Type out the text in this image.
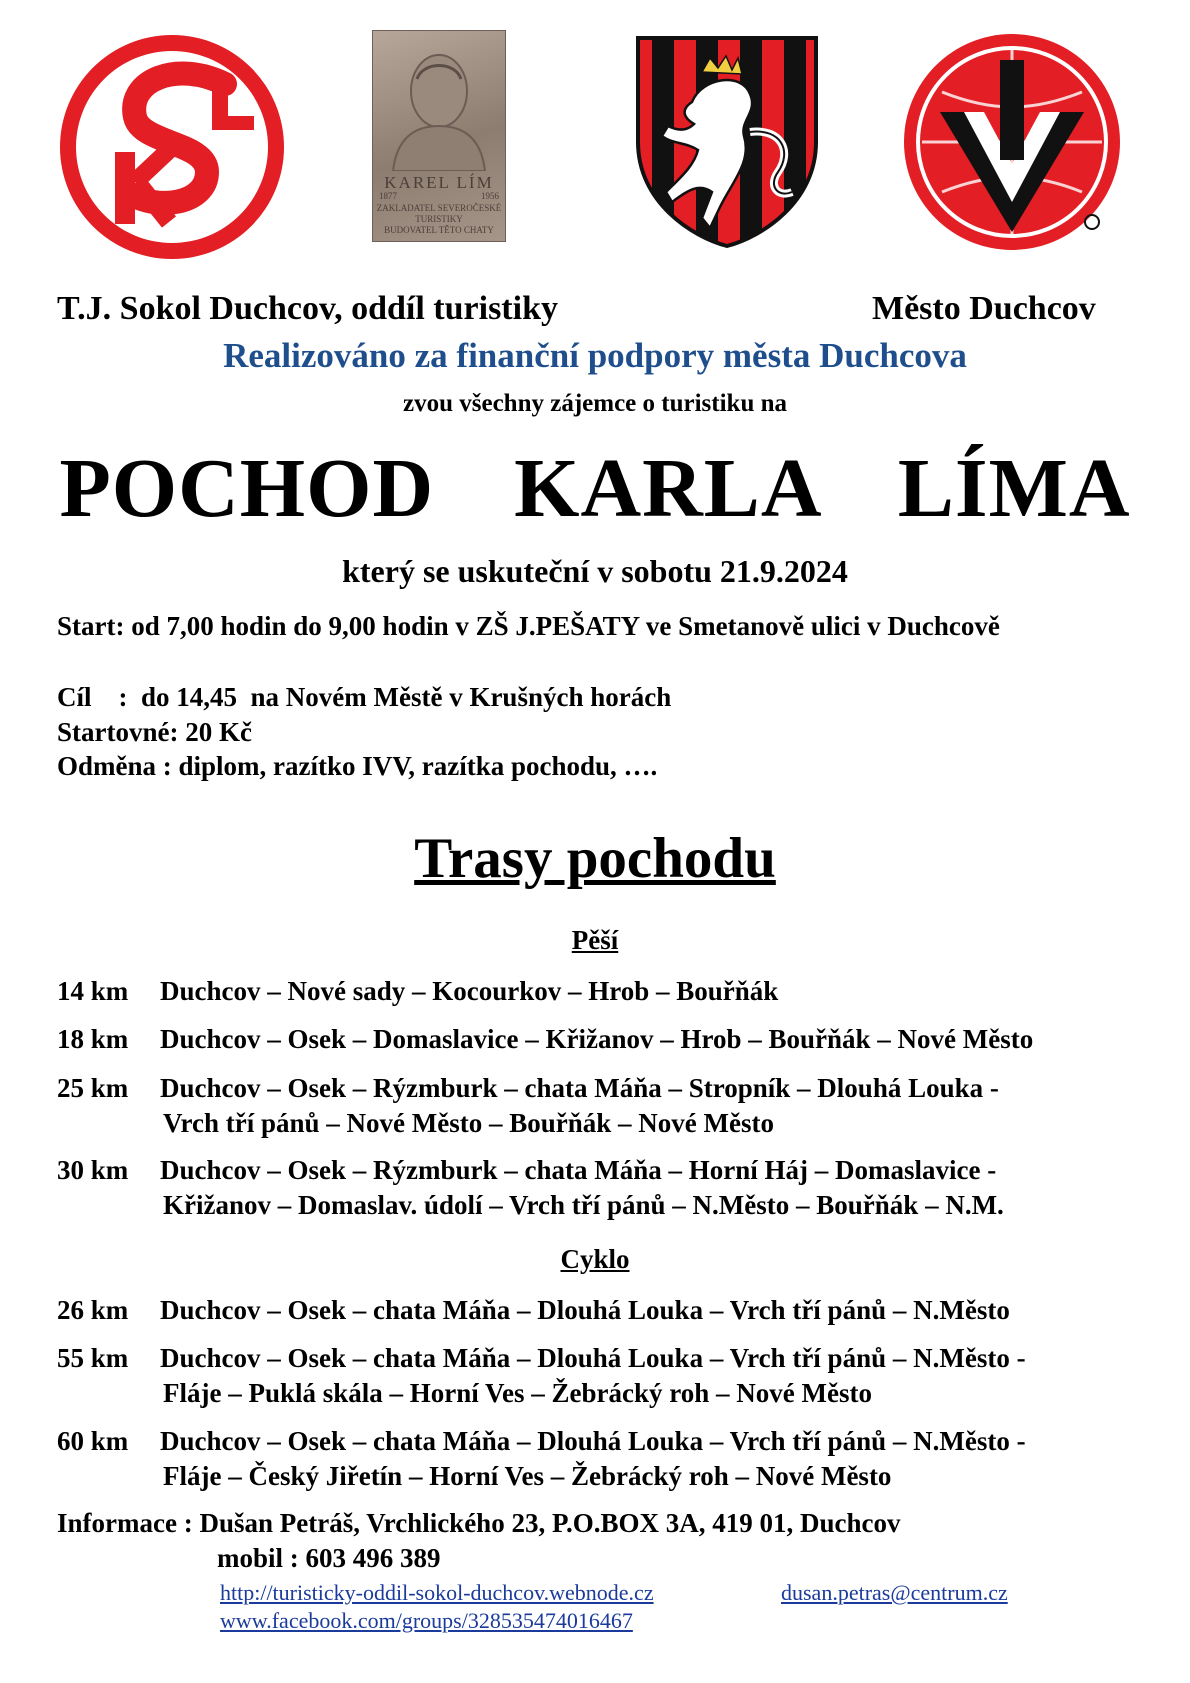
KAREL LÍM
1877	1956
ZAKLADATEL SEVEROČESKÉ
TURISTIKY
BUDOVATEL TĚTO CHATY
T.J. Sokol Duchcov, oddíl turistiky	Město Duchcov
Realizováno za finanční podpory města Duchcova
zvou všechny zájemce o turistiku na
POCHOD  KARLA  LÍMA
který se uskuteční v sobotu 21.9.2024
Start: od 7,00 hodin do 9,00 hodin v ZŠ J.PEŠATY ve Smetanově ulici v Duchcově
Cíl    :  do 14,45  na Novém Městě v Krušných horách
Startovné: 20 Kč
Odměna : diplom, razítko IVV, razítka pochodu, ….
Trasy pochodu
Pěší
14 km Duchcov – Nové sady – Kocourkov – Hrob – Bouřňák
18 km Duchcov – Osek – Domaslavice – Křižanov – Hrob – Bouřňák – Nové Město
25 km Duchcov – Osek – Rýzmburk – chata Máňa – Stropník – Dlouhá Louka -
Vrch tří pánů – Nové Město – Bouřňák – Nové Město
30 km Duchcov – Osek – Rýzmburk – chata Máňa – Horní Háj – Domaslavice -
Křižanov – Domaslav. údolí – Vrch tří pánů – N.Město – Bouřňák – N.M.
Cyklo
26 km Duchcov – Osek – chata Máňa – Dlouhá Louka – Vrch tří pánů – N.Město
55 km Duchcov – Osek – chata Máňa – Dlouhá Louka – Vrch tří pánů – N.Město -
Fláje – Puklá skála – Horní Ves – Žebrácký roh – Nové Město
60 km Duchcov – Osek – chata Máňa – Dlouhá Louka – Vrch tří pánů – N.Město -
Fláje – Český Jiřetín – Horní Ves – Žebrácký roh – Nové Město
Informace : Dušan Petráš, Vrchlického 23, P.O.BOX 3A, 419 01, Duchcov
mobil : 603 496 389
http://turisticky-oddil-sokol-duchcov.webnode.cz	dusan.petras@centrum.cz
www.facebook.com/groups/328535474016467
